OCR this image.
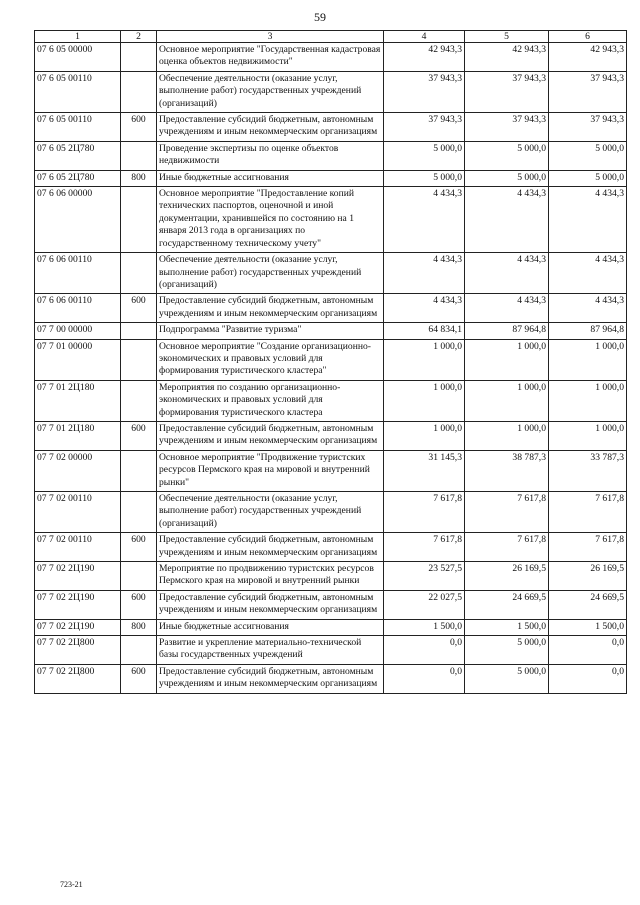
59
1	2	3	4	5	6
07 6 05 00000		Основное мероприятие "Государственная кадастровая оценка объектов недвижимости"	42 943,3	42 943,3	42 943,3
07 6 05 00110		Обеспечение деятельности (оказание услуг, выполнение работ) государственных учреждений (организаций)	37 943,3	37 943,3	37 943,3
07 6 05 00110	600	Предоставление субсидий бюджетным, автономным учреждениям и иным некоммерческим организациям	37 943,3	37 943,3	37 943,3
07 6 05 2Ц780		Проведение экспертизы по оценке объектов недвижимости	5 000,0	5 000,0	5 000,0
07 6 05 2Ц780	800	Иные бюджетные ассигнования	5 000,0	5 000,0	5 000,0
07 6 06 00000		Основное мероприятие "Предоставление копий технических паспортов, оценочной и иной документации, хранившейся по состоянию на 1 января 2013 года в организациях по государственному техническому учету"	4 434,3	4 434,3	4 434,3
07 6 06 00110		Обеспечение деятельности (оказание услуг, выполнение работ) государственных учреждений (организаций)	4 434,3	4 434,3	4 434,3
07 6 06 00110	600	Предоставление субсидий бюджетным, автономным учреждениям и иным некоммерческим организациям	4 434,3	4 434,3	4 434,3
07 7 00 00000		Подпрограмма "Развитие туризма"	64 834,1	87 964,8	87 964,8
07 7 01 00000		Основное мероприятие "Создание организационно-экономических и правовых условий для формирования туристического кластера"	1 000,0	1 000,0	1 000,0
07 7 01 2Ц180		Мероприятия по созданию организационно-экономических и правовых условий для формирования туристического кластера	1 000,0	1 000,0	1 000,0
07 7 01 2Ц180	600	Предоставление субсидий бюджетным, автономным учреждениям и иным некоммерческим организациям	1 000,0	1 000,0	1 000,0
07 7 02 00000		Основное мероприятие "Продвижение туристских ресурсов Пермского края на мировой и внутренний рынки"	31 145,3	38 787,3	33 787,3
07 7 02 00110		Обеспечение деятельности (оказание услуг, выполнение работ) государственных учреждений (организаций)	7 617,8	7 617,8	7 617,8
07 7 02 00110	600	Предоставление субсидий бюджетным, автономным учреждениям и иным некоммерческим организациям	7 617,8	7 617,8	7 617,8
07 7 02 2Ц190		Мероприятие по продвижению туристских ресурсов Пермского края на мировой и внутренний рынки	23 527,5	26 169,5	26 169,5
07 7 02 2Ц190	600	Предоставление субсидий бюджетным, автономным учреждениям и иным некоммерческим организациям	22 027,5	24 669,5	24 669,5
07 7 02 2Ц190	800	Иные бюджетные ассигнования	1 500,0	1 500,0	1 500,0
07 7 02 2Ц800		Развитие и укрепление материально-технической базы государственных учреждений	0,0	5 000,0	0,0
07 7 02 2Ц800	600	Предоставление субсидий бюджетным, автономным учреждениям и иным некоммерческим организациям	0,0	5 000,0	0,0
723-21
